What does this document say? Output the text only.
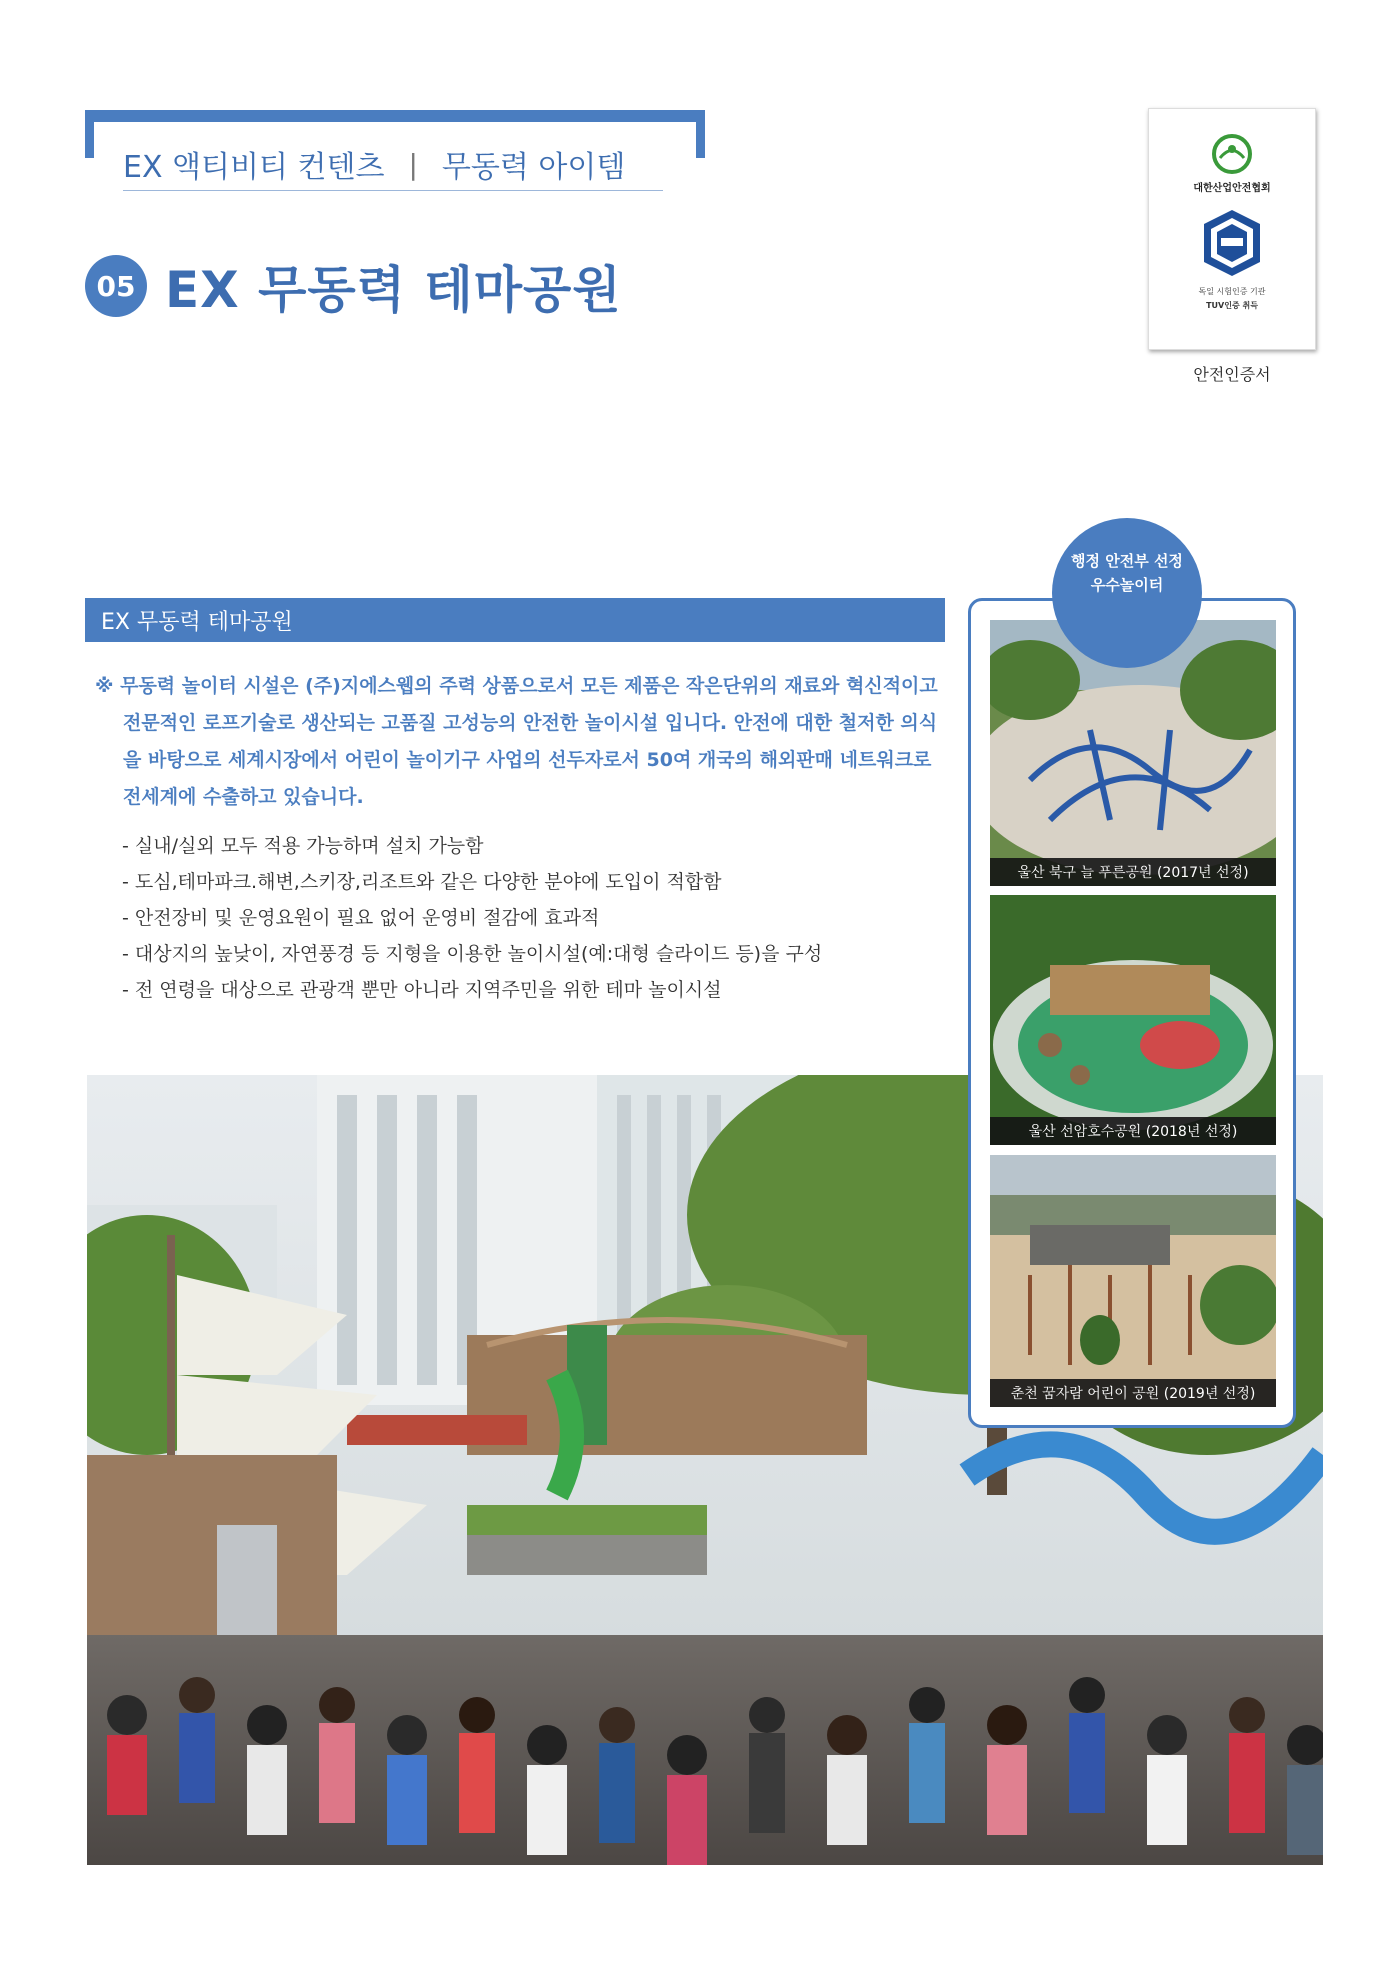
EX 액티비티 컨텐츠 | 무동력 아이템
05 EX 무동력 테마공원
대한산업안전협회
독일 시험인증 기관
TUV인증 취득
안전인증서
EX 무동력 테마공원
※ 무동력 놀이터 시설은 (주)지에스웹의 주력 상품으로서 모든 제품은 작은단위의 재료와 혁신적이고 전문적인 로프기술로 생산되는 고품질 고성능의 안전한 놀이시설 입니다. 안전에 대한 철저한 의식을 바탕으로 세계시장에서 어린이 놀이기구 사업의 선두자로서 50여 개국의 해외판매 네트워크로 전세계에 수출하고 있습니다.
- 실내/실외 모두 적용 가능하며 설치 가능함
- 도심,테마파크.해변,스키장,리조트와 같은 다양한 분야에 도입이 적합함
- 안전장비 및 운영요원이 필요 없어 운영비 절감에 효과적
- 대상지의 높낮이, 자연풍경 등 지형을 이용한 놀이시설(예:대형 슬라이드 등)을 구성
- 전 연령을 대상으로 관광객 뿐만 아니라 지역주민을 위한 테마 놀이시설
행정 안전부 선정
우수놀이터
울산 북구 늘 푸른공원 (2017년 선정)
울산 선암호수공원 (2018년 선정)
춘천 꿈자람 어린이 공원 (2019년 선정)
